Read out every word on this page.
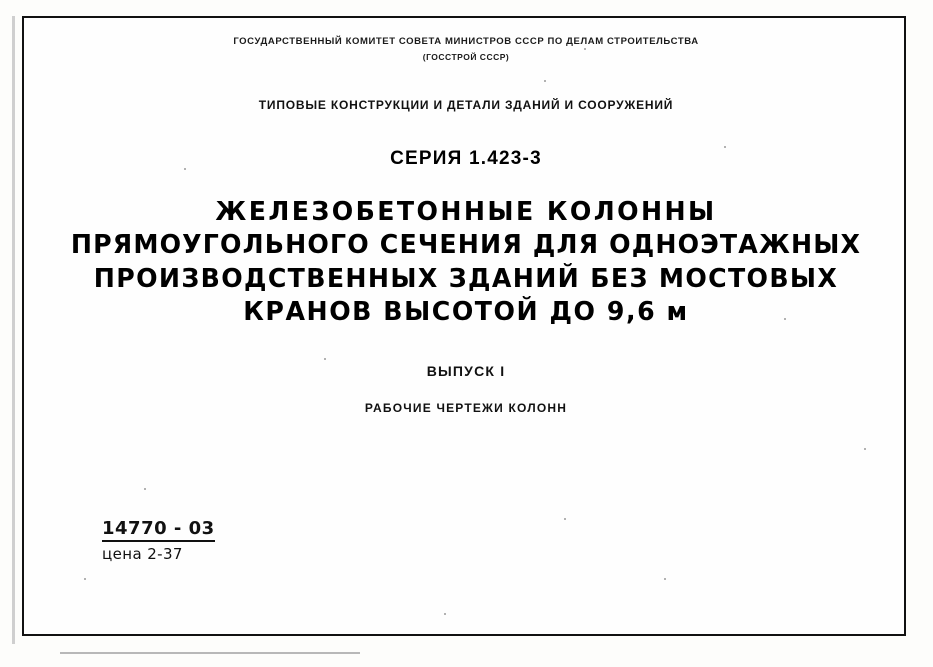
ГОСУДАРСТВЕННЫЙ КОМИТЕТ СОВЕТА МИНИСТРОВ СССР ПО ДЕЛАМ СТРОИТЕЛЬСТВА
(ГОССТРОЙ СССР)
ТИПОВЫЕ КОНСТРУКЦИИ И ДЕТАЛИ ЗДАНИЙ И СООРУЖЕНИЙ
СЕРИЯ 1.423-3
ЖЕЛЕЗОБЕТОННЫЕ КОЛОННЫ
ПРЯМОУГОЛЬНОГО СЕЧЕНИЯ ДЛЯ ОДНОЭТАЖНЫХ
ПРОИЗВОДСТВЕННЫХ ЗДАНИЙ БЕЗ МОСТОВЫХ
КРАНОВ ВЫСОТОЙ ДО 9,6 м
ВЫПУСК I
РАБОЧИЕ ЧЕРТЕЖИ КОЛОНН
14770 - 03
цена 2-37
